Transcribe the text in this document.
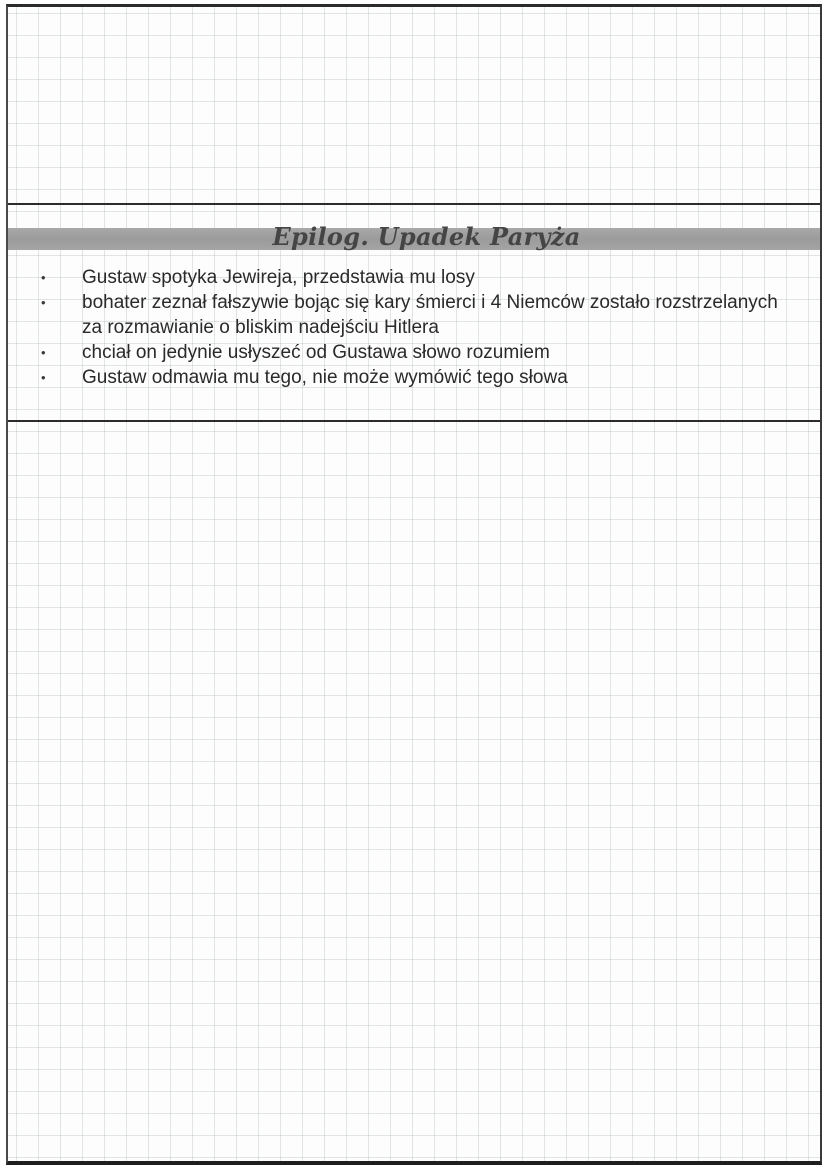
Epilog. Upadek Paryża
•	Gustaw spotyka Jewireja, przedstawia mu losy
•	bohater zeznał fałszywie bojąc się kary śmierci i 4 Niemców zostało rozstrzelanych za rozmawianie o bliskim nadejściu Hitlera
•	chciał on jedynie usłyszeć od Gustawa słowo rozumiem
•	Gustaw odmawia mu tego, nie może wymówić tego słowa
